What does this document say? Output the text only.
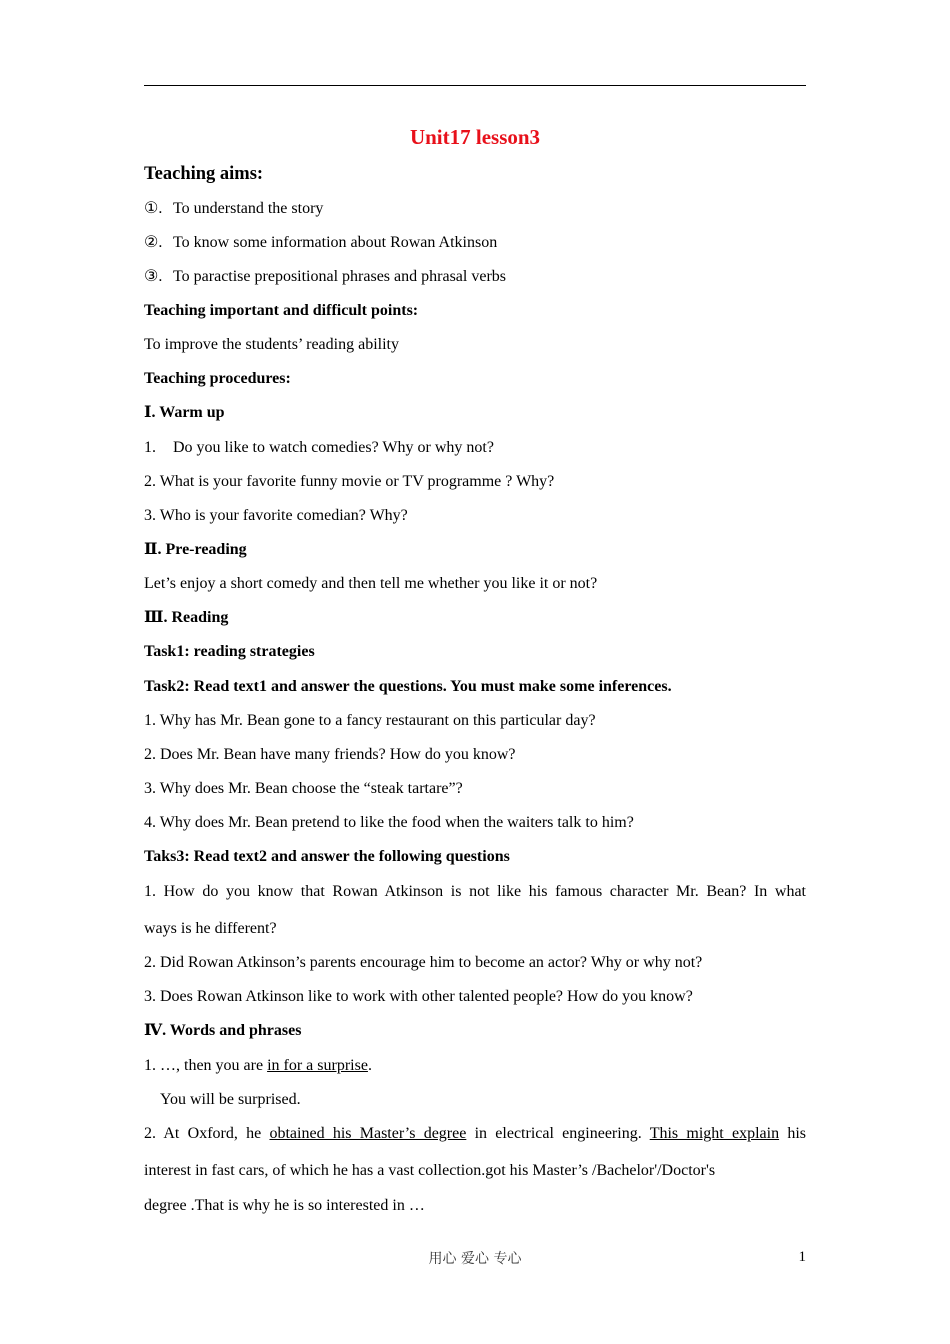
Unit17 lesson3
Teaching aims:
①. To understand the story
②. To know some information about Rowan Atkinson
③. To paractise prepositional phrases and phrasal verbs
Teaching important and difficult points:
To improve the students’ reading ability
Teaching procedures:
Ⅰ. Warm up
1. Do you like to watch comedies? Why or why not?
2. What is your favorite funny movie or TV programme ? Why?
3. Who is your favorite comedian? Why?
Ⅱ. Pre-reading
Let’s enjoy a short comedy and then tell me whether you like it or not?
Ⅲ. Reading
Task1: reading strategies
Task2: Read text1 and answer the questions. You must make some inferences.
1. Why has Mr. Bean gone to a fancy restaurant on this particular day?
2. Does Mr. Bean have many friends? How do you know?
3. Why does Mr. Bean choose the “steak tartare”?
4. Why does Mr. Bean pretend to like the food when the waiters talk to him?
Taks3: Read text2 and answer the following questions
1. How do you know that Rowan Atkinson is not like his famous character Mr. Bean? In what
ways is he different?
2. Did Rowan Atkinson’s parents encourage him to become an actor? Why or why not?
3. Does Rowan Atkinson like to work with other talented people? How do you know?
Ⅳ. Words and phrases
1. …, then you are in for a surprise.
You will be surprised.
2. At Oxford, he obtained his Master’s degree in electrical engineering. This might explain his
interest in fast cars, of which he has a vast collection.got his Master’s /Bachelor'/Doctor's
degree .That is why he is so interested in …
用心 爱心 专心	1
